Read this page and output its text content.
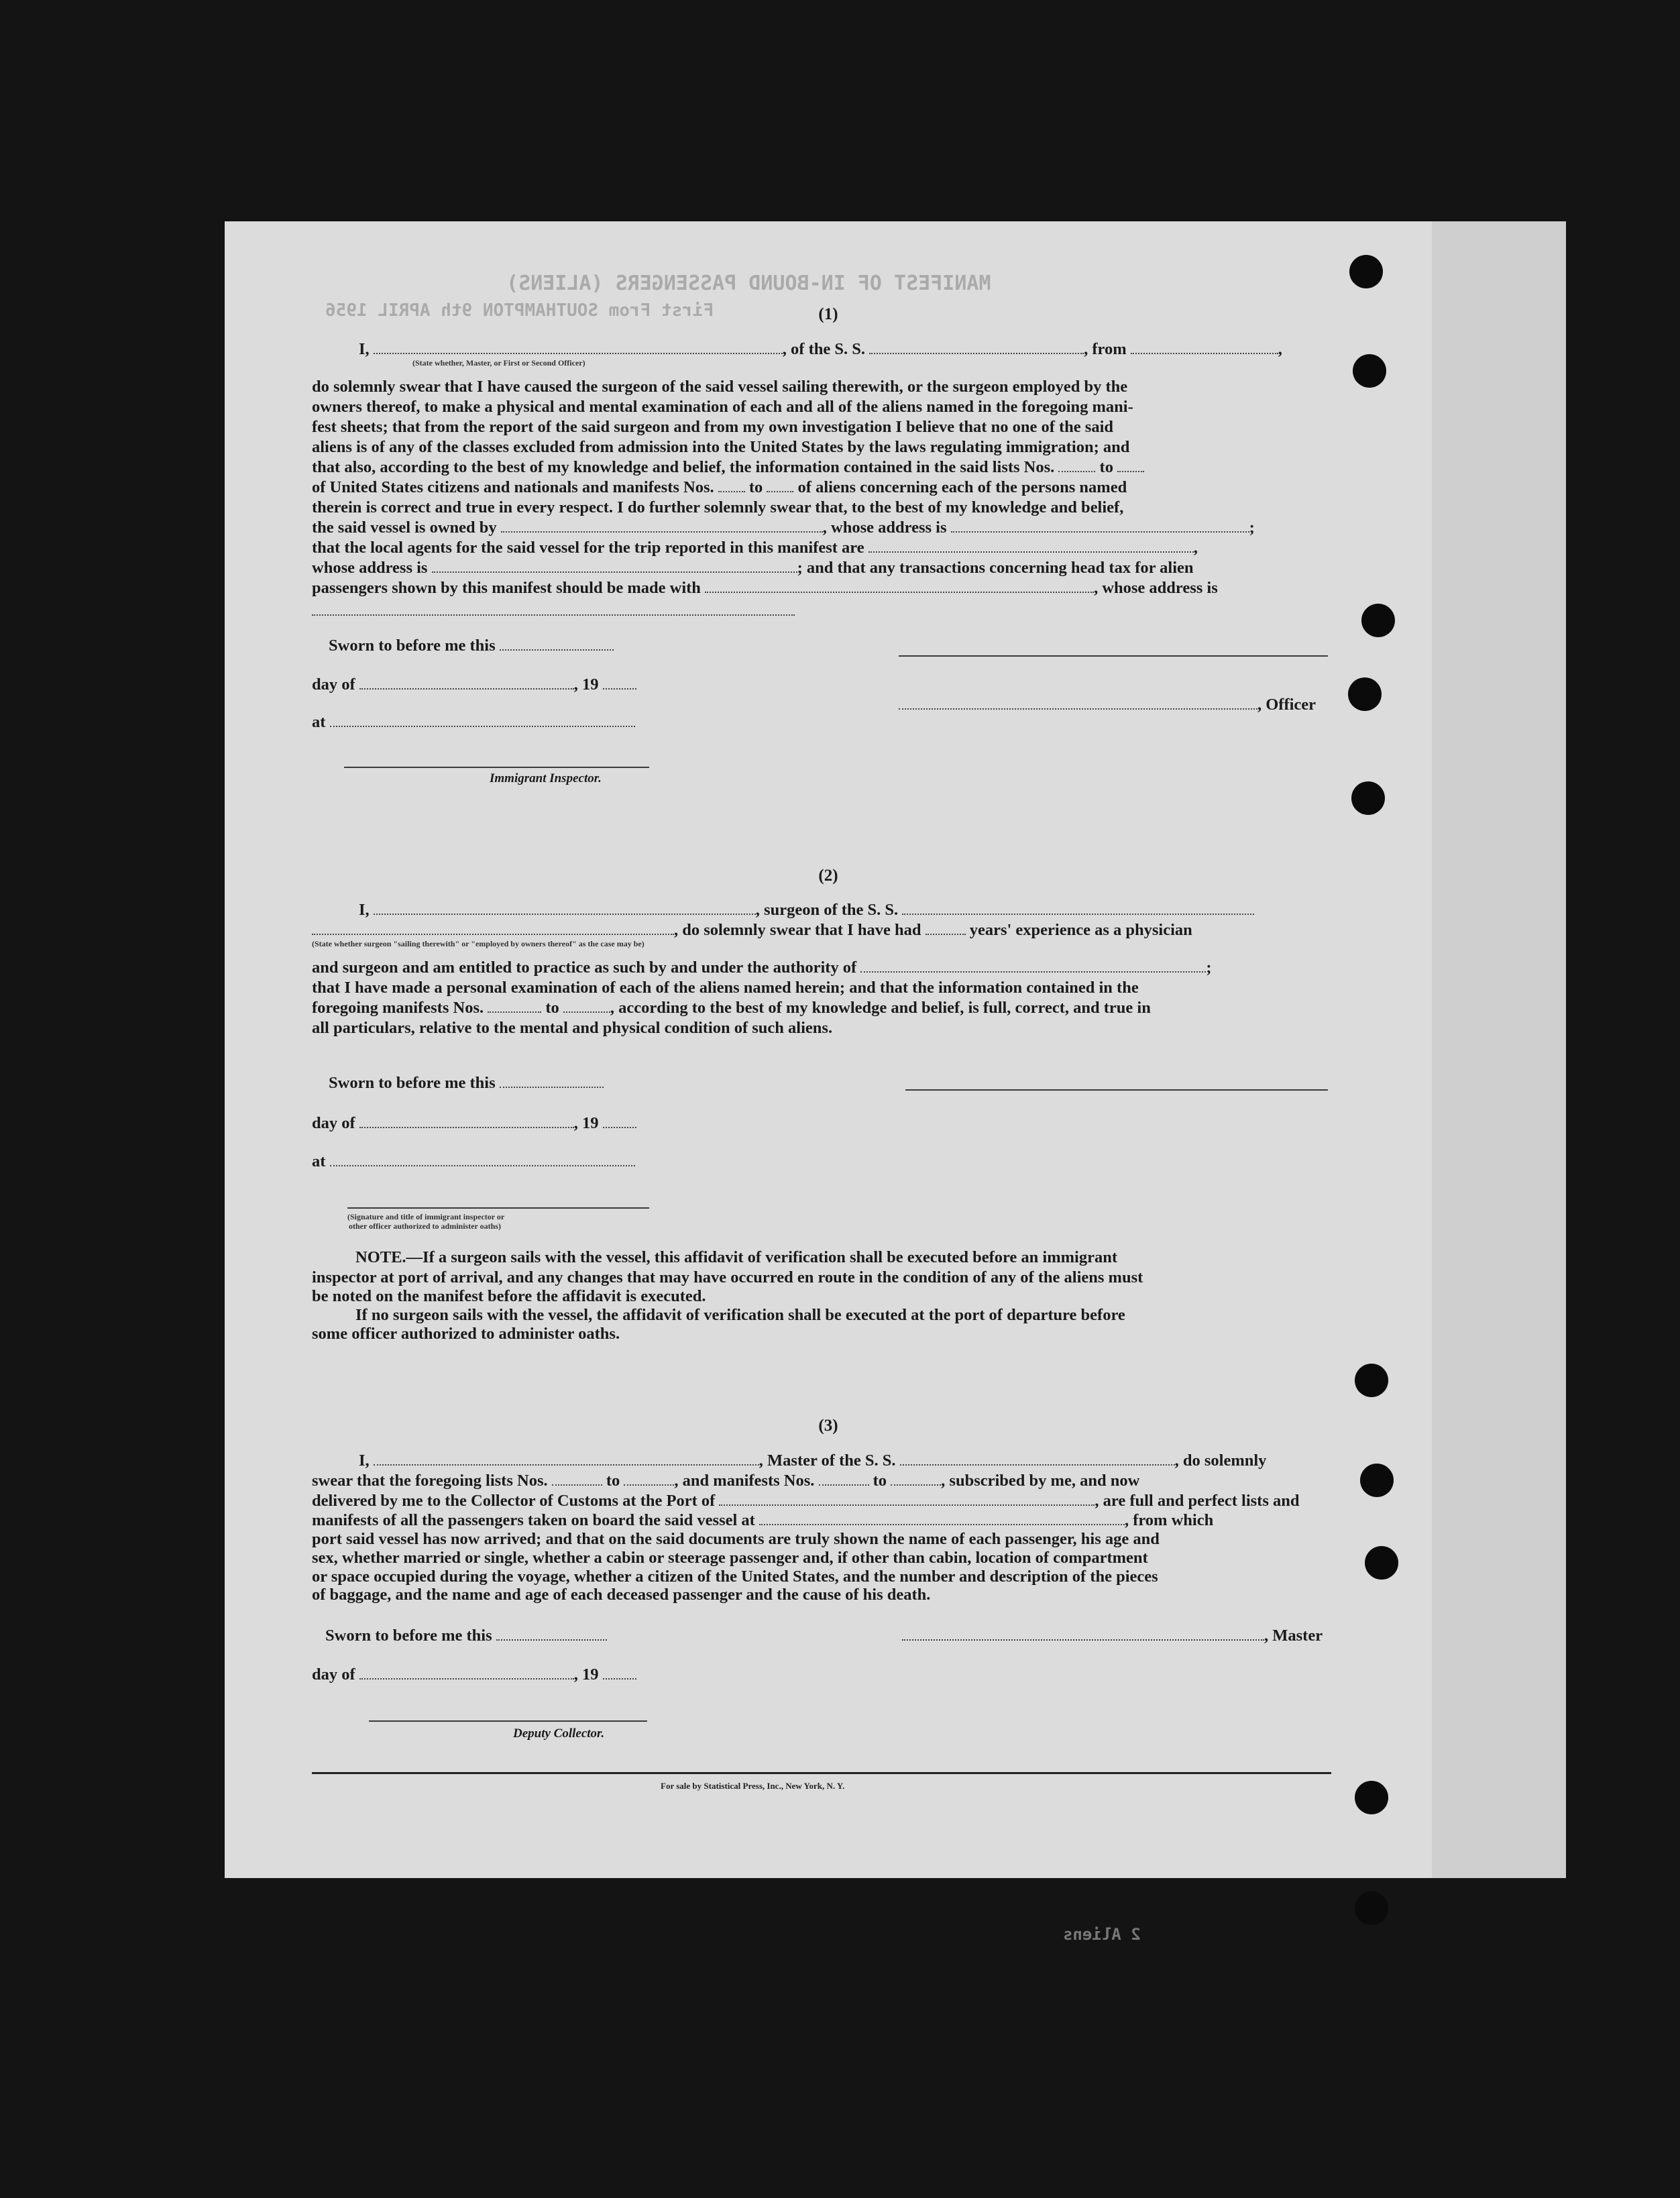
MANIFEST OF IN-BOUND PASSENGERS (ALIENS)
First From SOUTHAMPTON 9th APRIL 1956
2 Aliens
(1)
I,	, of the S. S.	, from	,
(State whether, Master, or First or Second Officer)
do solemnly swear that I have caused the surgeon of the said vessel sailing therewith, or the surgeon employed by the
owners thereof, to make a physical and mental examination of each and all of the aliens named in the foregoing mani-
fest sheets; that from the report of the said surgeon and from my own investigation I believe that no one of the said
aliens is of any of the classes excluded from admission into the United States by the laws regulating immigration; and
that also, according to the best of my knowledge and belief, the information contained in the said lists Nos.	to
of United States citizens and nationals and manifests Nos. to of aliens concerning each of the persons named
therein is correct and true in every respect. I do further solemnly swear that, to the best of my knowledge and belief,
the said vessel is owned by	, whose address is	;
that the local agents for the said vessel for the trip reported in this manifest are	,
whose address is	; and that any transactions concerning head tax for alien
passengers shown by this manifest should be made with	, whose address is
Sworn to before me this
day of	, 19
, Officer
at
Immigrant Inspector.
(2)
I,	, surgeon of the S. S.
, do solemnly swear that I have had	years' experience as a physician
(State whether surgeon "sailing therewith" or "employed by owners thereof" as the case may be)
and surgeon and am entitled to practice as such by and under the authority of	;
that I have made a personal examination of each of the aliens named herein; and that the information contained in the
foregoing manifests Nos.	to	, according to the best of my knowledge and belief, is full, correct, and true in
all particulars, relative to the mental and physical condition of such aliens.
Sworn to before me this
day of	, 19
at
(Signature and title of immigrant inspector or
other officer authorized to administer oaths)
NOTE.—If a surgeon sails with the vessel, this affidavit of verification shall be executed before an immigrant
inspector at port of arrival, and any changes that may have occurred en route in the condition of any of the aliens must
be noted on the manifest before the affidavit is executed.
If no surgeon sails with the vessel, the affidavit of verification shall be executed at the port of departure before
some officer authorized to administer oaths.
(3)
I,	, Master of the S. S.	, do solemnly
swear that the foregoing lists Nos.	to	, and manifests Nos.	to	, subscribed by me, and now
delivered by me to the Collector of Customs at the Port of	, are full and perfect lists and
manifests of all the passengers taken on board the said vessel at	, from which
port said vessel has now arrived; and that on the said documents are truly shown the name of each passenger, his age and
sex, whether married or single, whether a cabin or steerage passenger and, if other than cabin, location of compartment
or space occupied during the voyage, whether a citizen of the United States, and the number and description of the pieces
of baggage, and the name and age of each deceased passenger and the cause of his death.
Sworn to before me this	, Master
day of	, 19
Deputy Collector.
For sale by Statistical Press, Inc., New York, N. Y.
